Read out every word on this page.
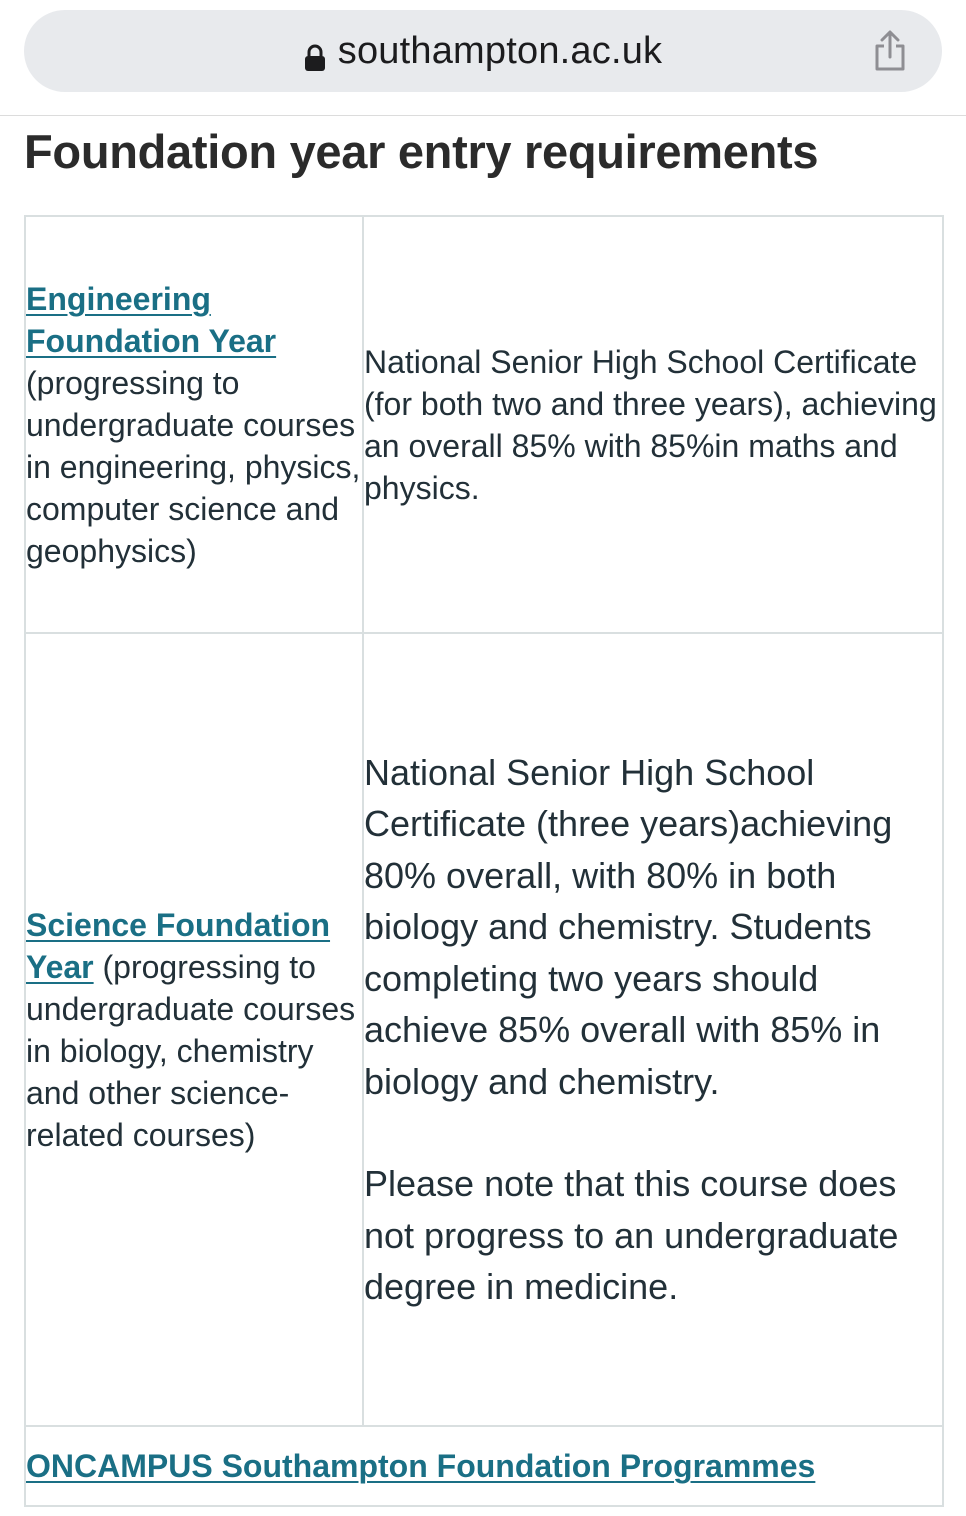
southampton.ac.uk
Foundation year entry requirements
Engineering Foundation Year (progressing to undergraduate courses in engineering, physics, computer science and geophysics)	National Senior High School Certificate (for both two and three years), achieving an overall 85% with 85%in maths and physics.
Science Foundation Year (progressing to undergraduate courses in biology, chemistry and other science-related courses)	National Senior High School Certificate (three years)achieving 80% overall, with 80% in both biology and chemistry. Students completing two years should achieve 85% overall with 85% in biology and chemistry.
Please note that this course does not progress to an undergraduate degree in medicine.

ONCAMPUS Southampton Foundation Programmes	
